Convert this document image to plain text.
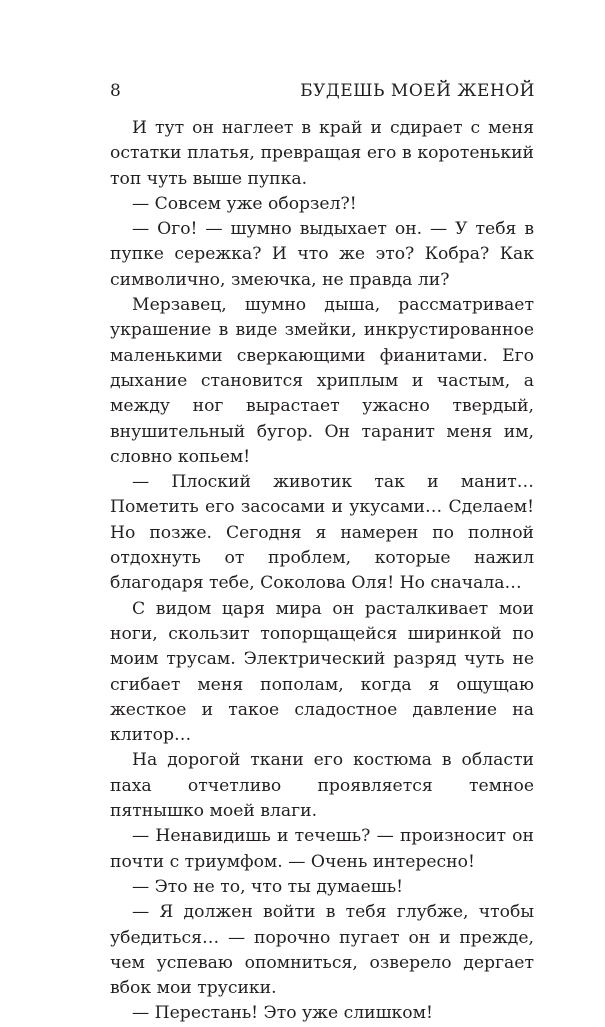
8	БУДЕШЬ МОЕЙ ЖЕНОЙ

И тут он наглеет в край и сдирает с меня остатки платья, превращая его в коротенький топ чуть выше пупка.

— Совсем уже оборзел?!

— Ого! — шумно выдыхает он. — У тебя в пупке сережка? И что же это? Кобра? Как символично, змеючка, не правда ли?

Мерзавец, шумно дыша, рассматривает украшение в виде змейки, инкрустированное маленькими сверкающими фианитами. Его дыхание становится хриплым и частым, а между ног вырастает ужасно твердый, внушительный бугор. Он таранит меня им, словно копьем!

— Плоский животик так и манит… Пометить его засосами и укусами… Сделаем! Но позже. Сегодня я намерен по полной отдохнуть от проблем, которые нажил благодаря тебе, Соколова Оля! Но сначала…

С видом царя мира он расталкивает мои ноги, скользит топорщащейся ширинкой по моим трусам. Электрический разряд чуть не сгибает меня пополам, когда я ощущаю жесткое и такое сладостное давление на клитор…

На дорогой ткани его костюма в области паха отчетливо проявляется темное пятнышко моей влаги.

— Ненавидишь и течешь? — произносит он почти с триумфом. — Очень интересно!

— Это не то, что ты думаешь!

— Я должен войти в тебя глубже, чтобы убедиться… — порочно пугает он и прежде, чем успеваю опомниться, озверело дергает вбок мои трусики.

— Перестань! Это уже слишком!
